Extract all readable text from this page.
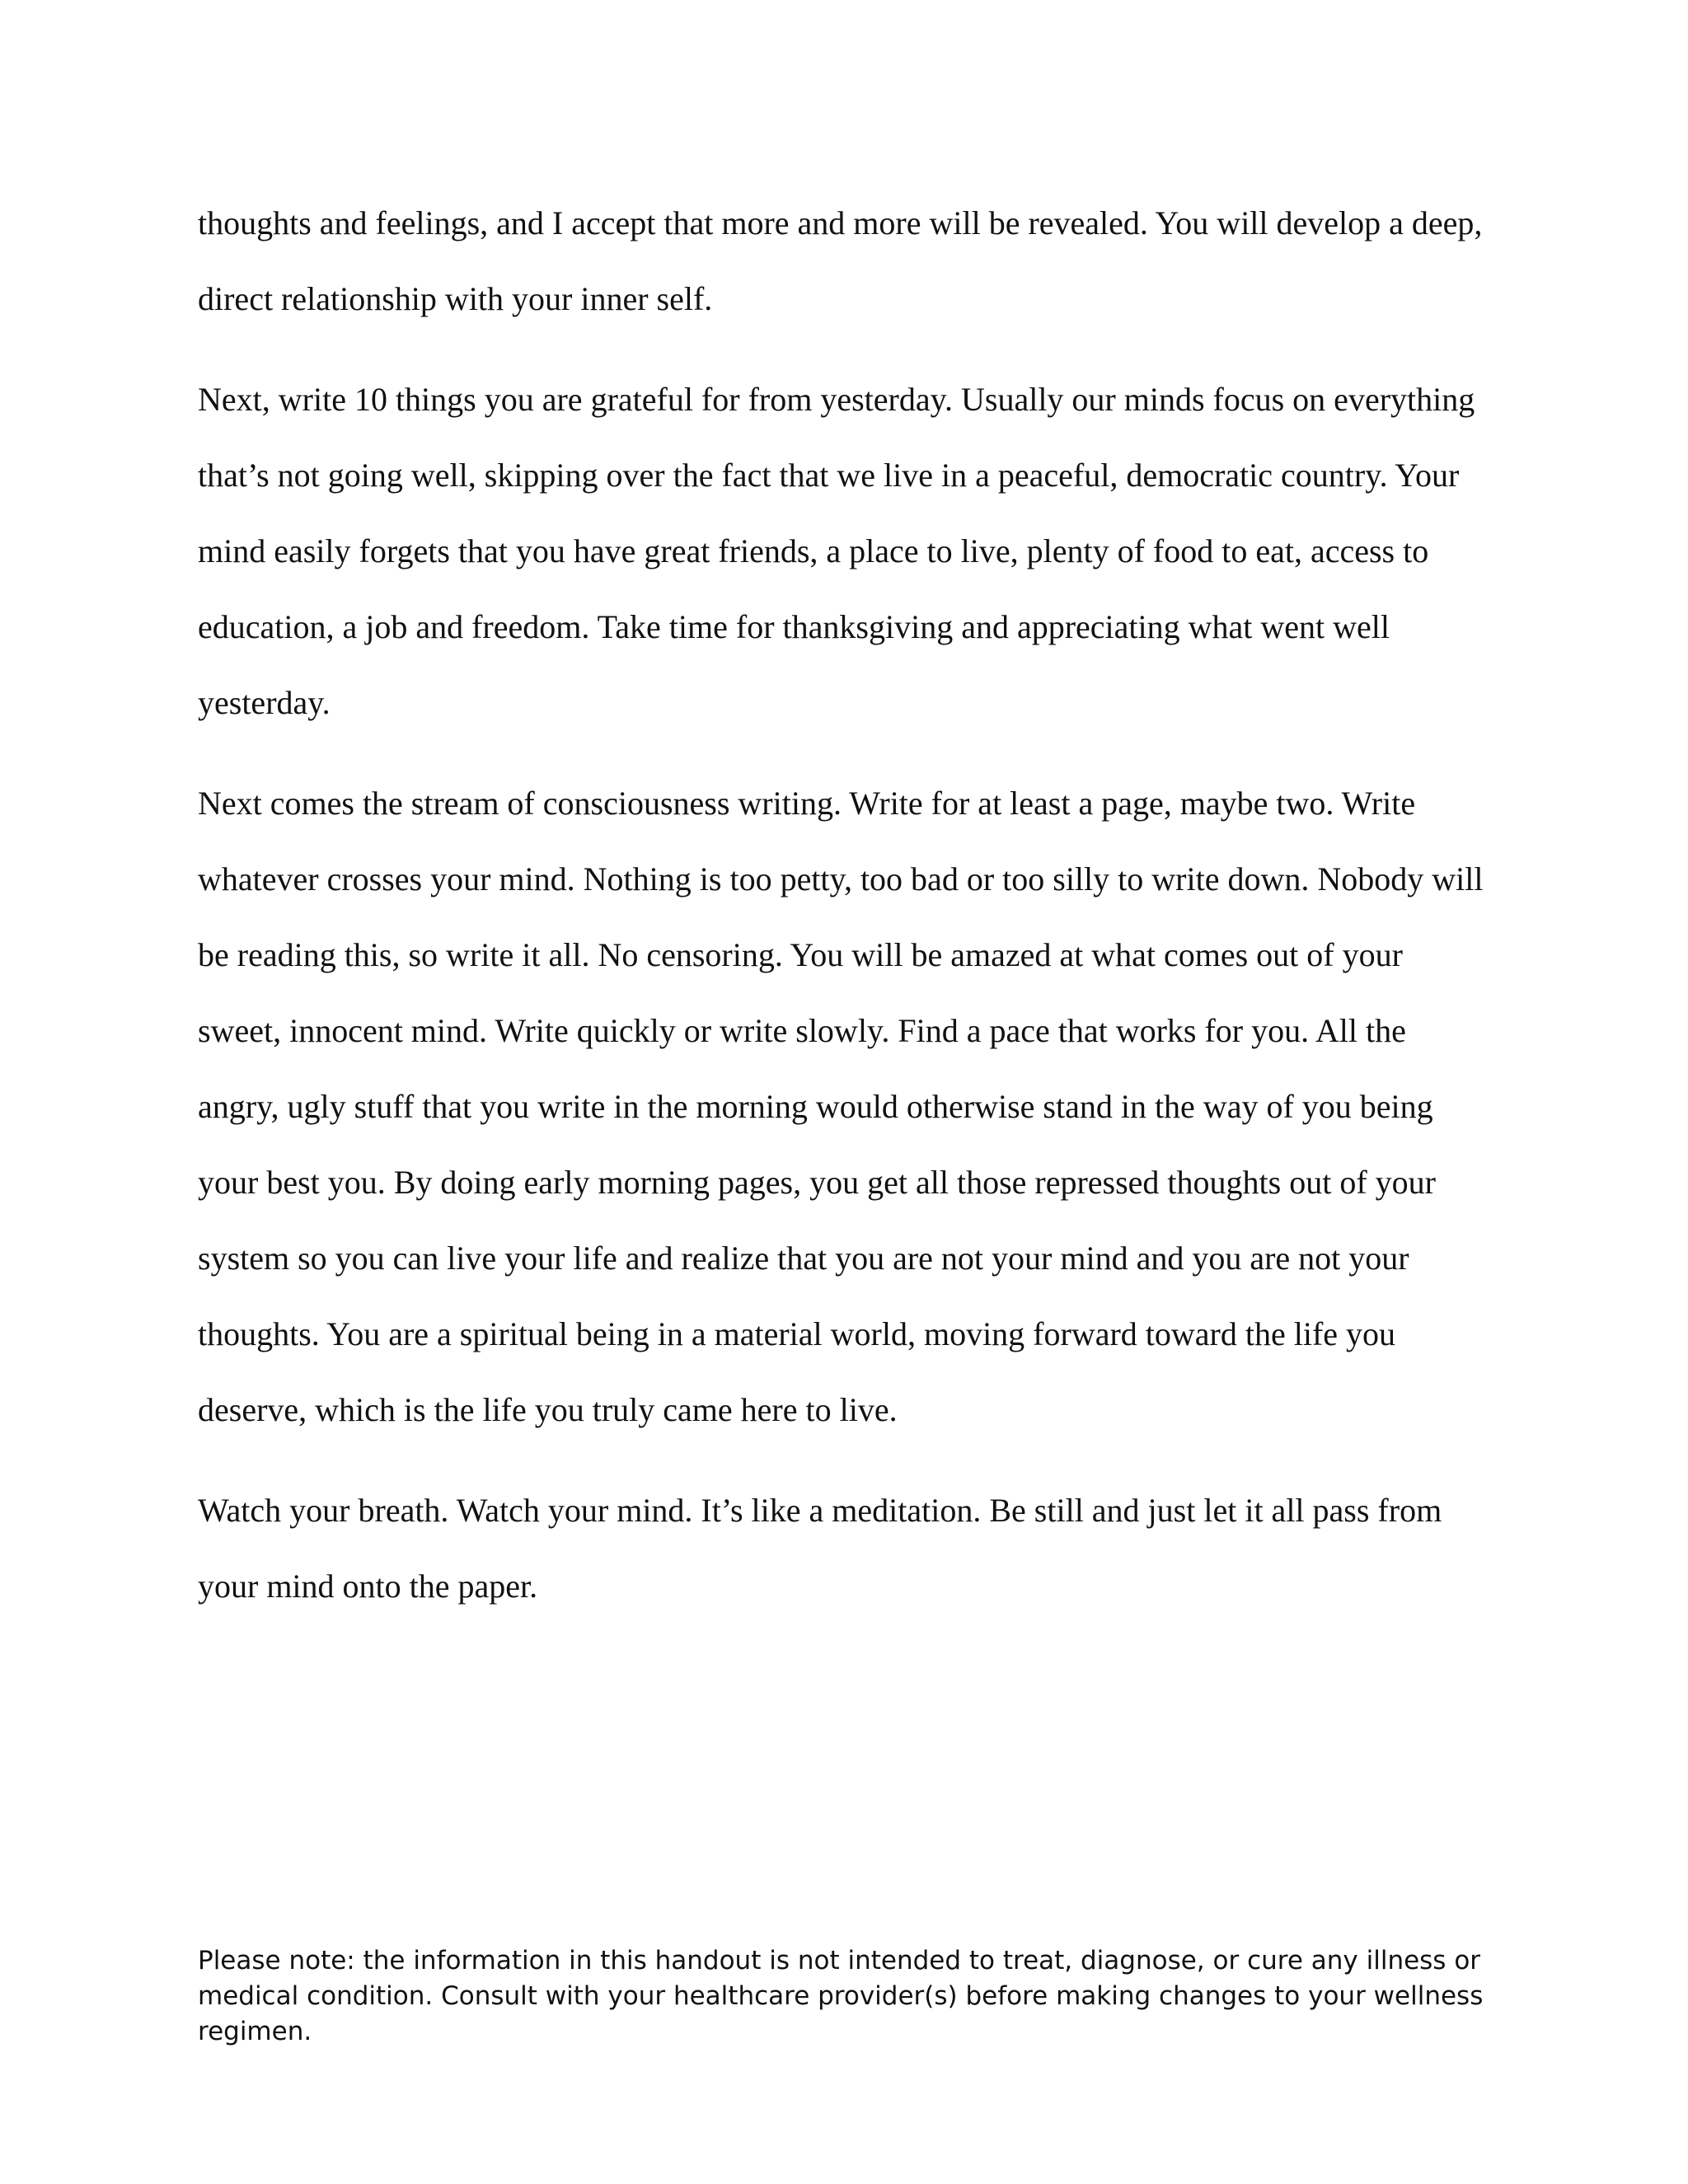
thoughts and feelings, and I accept that more and more will be revealed. You will develop a deep, direct relationship with your inner self.

Next, write 10 things you are grateful for from yesterday. Usually our minds focus on everything that’s not going well, skipping over the fact that we live in a peaceful, democratic country. Your mind easily forgets that you have great friends, a place to live, plenty of food to eat, access to education, a job and freedom. Take time for thanksgiving and appreciating what went well yesterday.

Next comes the stream of consciousness writing. Write for at least a page, maybe two. Write whatever crosses your mind. Nothing is too petty, too bad or too silly to write down. Nobody will be reading this, so write it all. No censoring. You will be amazed at what comes out of your sweet, innocent mind. Write quickly or write slowly. Find a pace that works for you. All the angry, ugly stuff that you write in the morning would otherwise stand in the way of you being your best you. By doing early morning pages, you get all those repressed thoughts out of your system so you can live your life and realize that you are not your mind and you are not your thoughts. You are a spiritual being in a material world, moving forward toward the life you deserve, which is the life you truly came here to live.

Watch your breath. Watch your mind. It’s like a meditation. Be still and just let it all pass from your mind onto the paper.

Please note: the information in this handout is not intended to treat, diagnose, or cure any illness or medical condition. Consult with your healthcare provider(s) before making changes to your wellness regimen.
